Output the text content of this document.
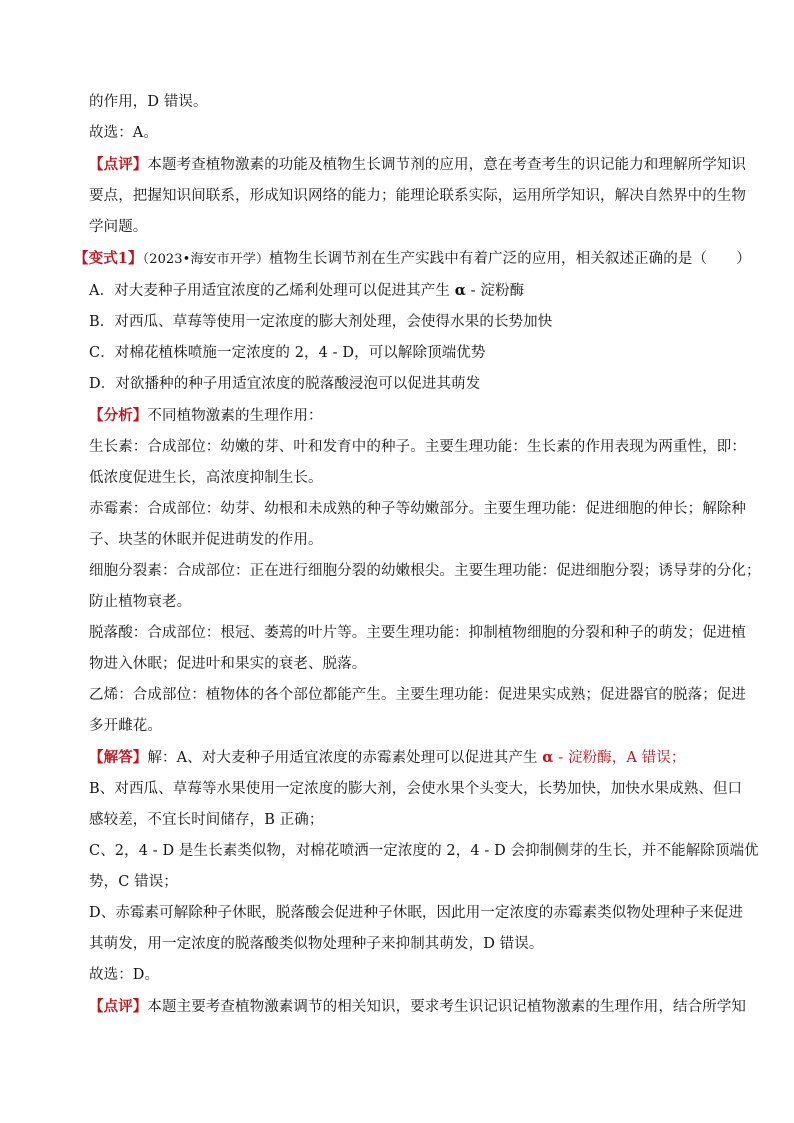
的作用，D 错误。

故选：A。

【点评】本题考查植物激素的功能及植物生长调节剂的应用，意在考查考生的识记能力和理解所学知识

要点，把握知识间联系，形成知识网络的能力；能理论联系实际，运用所学知识，解决自然界中的生物

学问题。

【变式1】（2023•海安市开学）植物生长调节剂在生产实践中有着广泛的应用，相关叙述正确的是（　　）

A．对大麦种子用适宜浓度的乙烯利处理可以促进其产生 α - 淀粉酶

B．对西瓜、草莓等使用一定浓度的膨大剂处理，会使得水果的长势加快

C．对棉花植株喷施一定浓度的 2，4 - D，可以解除顶端优势

D．对欲播种的种子用适宜浓度的脱落酸浸泡可以促进其萌发

【分析】不同植物激素的生理作用：

生长素：合成部位：幼嫩的芽、叶和发育中的种子。主要生理功能：生长素的作用表现为两重性，即：

低浓度促进生长，高浓度抑制生长。

赤霉素：合成部位：幼芽、幼根和未成熟的种子等幼嫩部分。主要生理功能：促进细胞的伸长；解除种

子、块茎的休眠并促进萌发的作用。

细胞分裂素：合成部位：正在进行细胞分裂的幼嫩根尖。主要生理功能：促进细胞分裂；诱导芽的分化；

防止植物衰老。

脱落酸：合成部位：根冠、萎蔫的叶片等。主要生理功能：抑制植物细胞的分裂和种子的萌发；促进植

物进入休眠；促进叶和果实的衰老、脱落。

乙烯：合成部位：植物体的各个部位都能产生。主要生理功能：促进果实成熟；促进器官的脱落；促进

多开雌花。

【解答】解：A、对大麦种子用适宜浓度的赤霉素处理可以促进其产生 α - 淀粉酶，A 错误；

B、对西瓜、草莓等水果使用一定浓度的膨大剂，会使水果个头变大，长势加快，加快水果成熟、但口

感较差，不宜长时间储存，B 正确；

C、2，4 - D 是生长素类似物，对棉花喷洒一定浓度的 2，4 - D 会抑制侧芽的生长，并不能解除顶端优

势，C 错误；

D、赤霉素可解除种子休眠，脱落酸会促进种子休眠，因此用一定浓度的赤霉素类似物处理种子来促进

其萌发，用一定浓度的脱落酸类似物处理种子来抑制其萌发，D 错误。

故选：D。

【点评】本题主要考查植物激素调节的相关知识，要求考生识记识记植物激素的生理作用，结合所学知
